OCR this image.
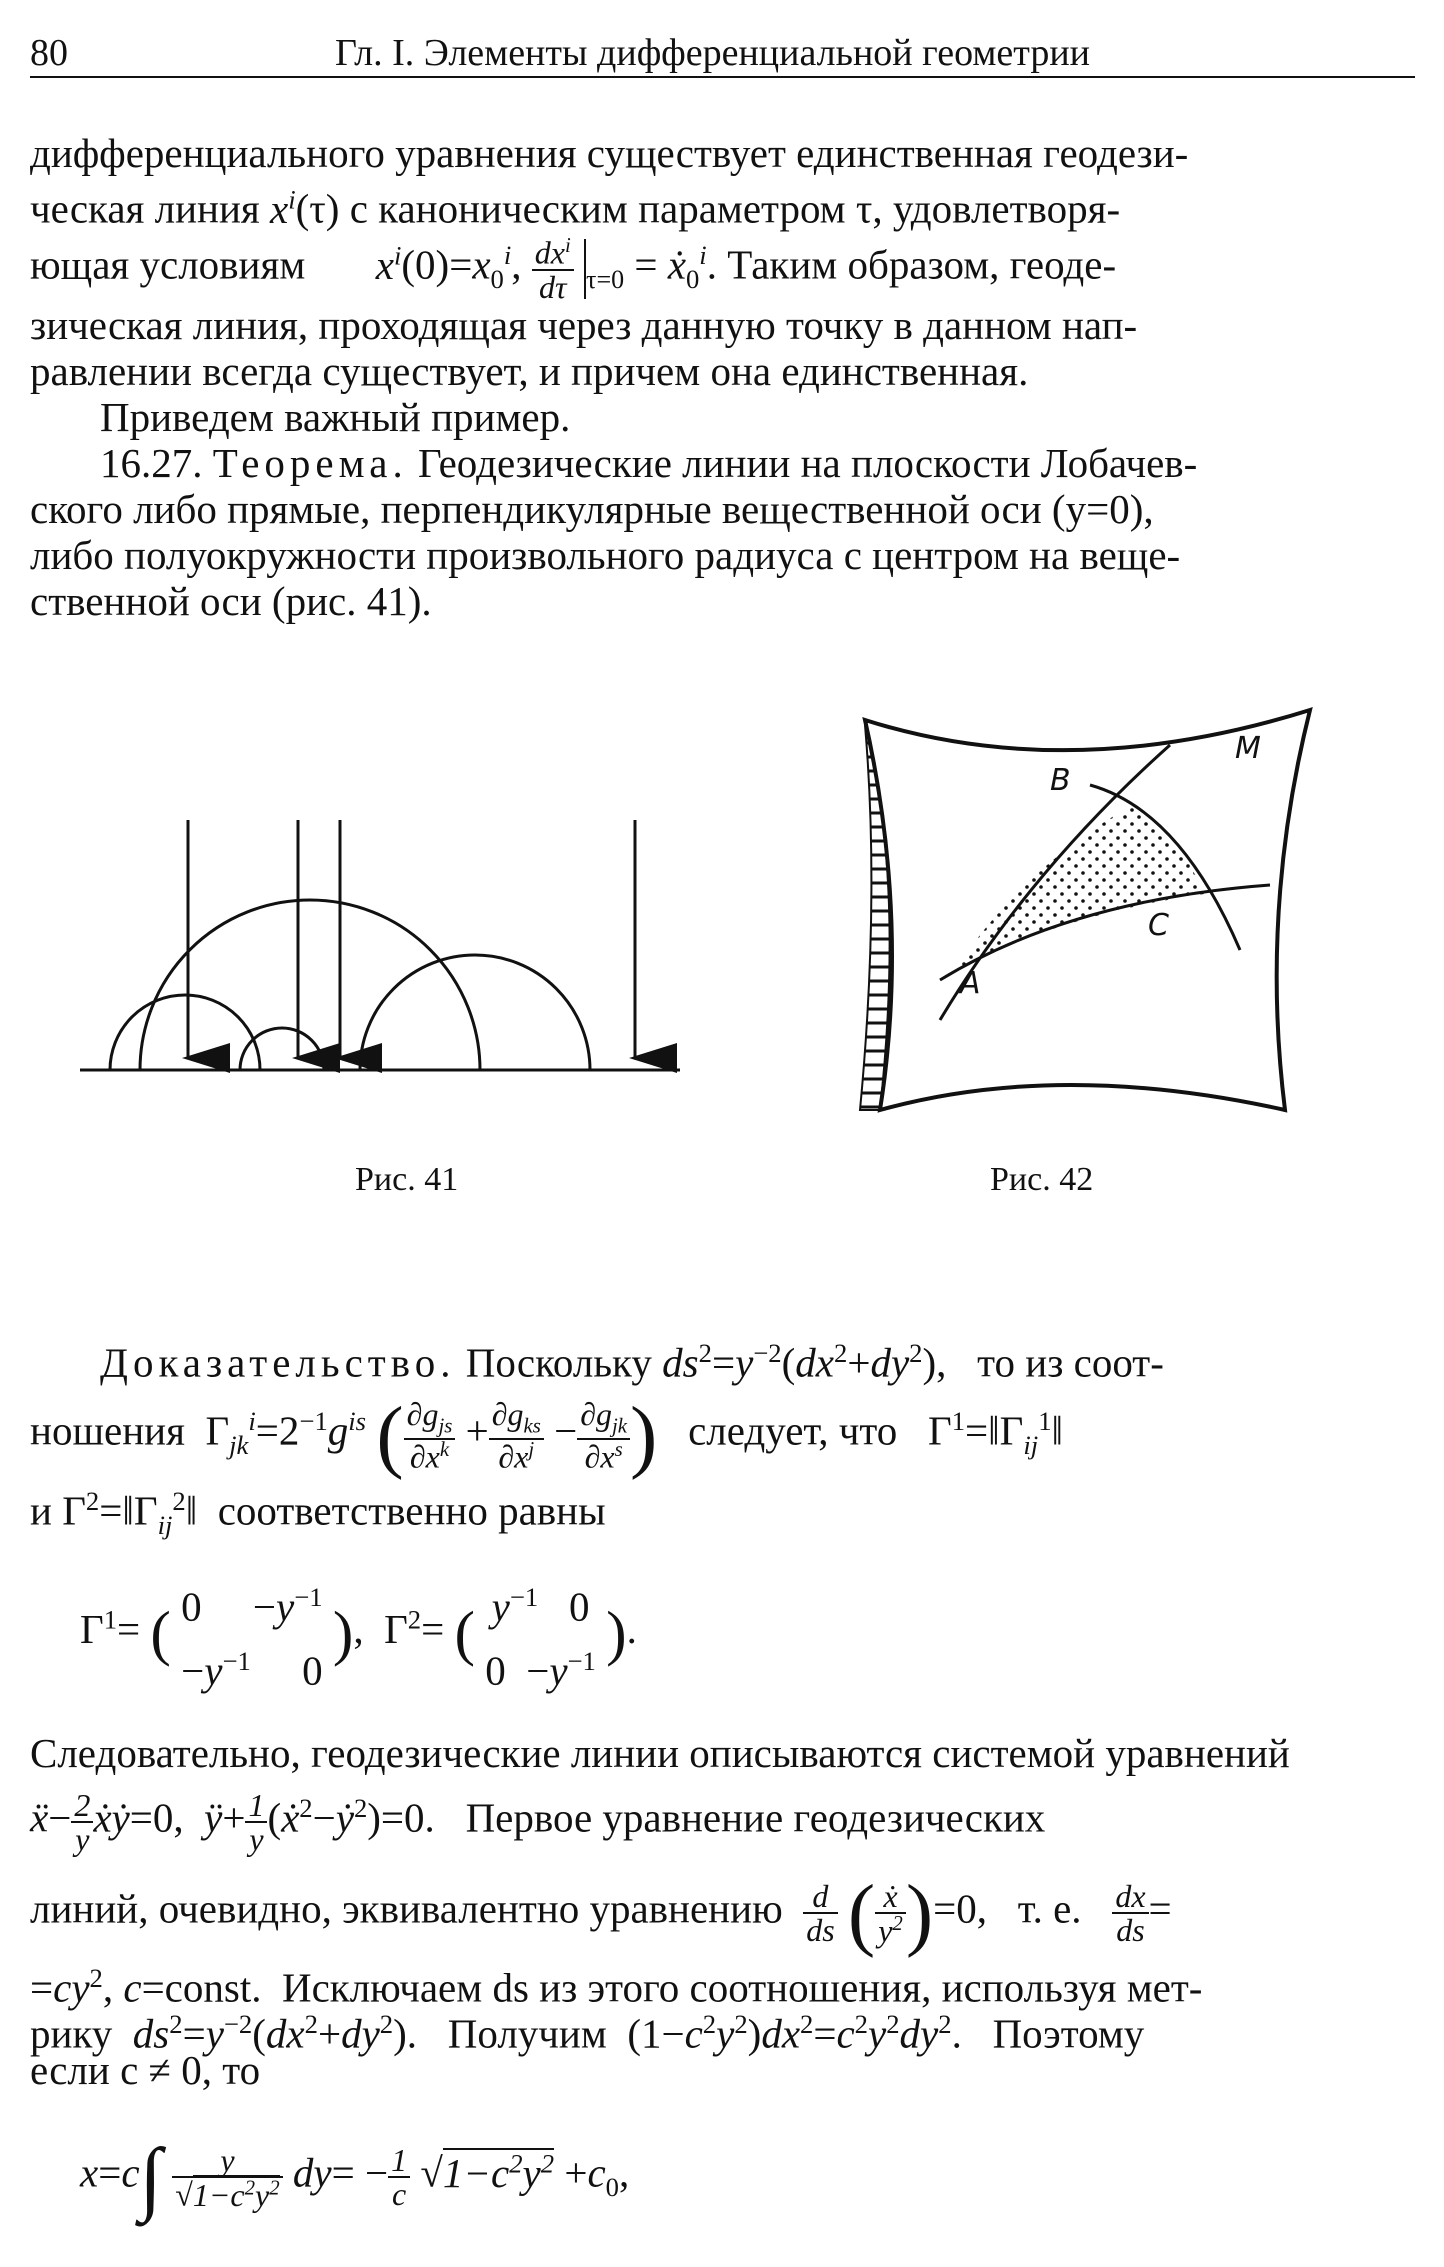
80	Гл. I. Элементы дифференциальной геометрии
дифференциального уравнения существует единственная геодези-
ческая линия $x^i(\tau)$ с каноническим параметром τ, удовлетворя-
ющая условиям $x^i(0)=x_0^i$, $\frac{dx^i}{d\tau} _{\tau=0}$ = ẋ$_0^i$. Таким образом, геоде-
зическая линия, проходящая через данную точку в данном нап-
равлении всегда существует, и причем она единственная.
Приведем важный пример.
16.27. Теорема. Геодезические линии на плоскости Лобачев-
ского либо прямые, перпендикулярные вещественной оси (y=0),
либо полуокружности произвольного радиуса с центром на веще-
ственной оси (рис. 41).
B
M
C
A
Рис. 41	Рис. 42
Доказательство. Поскольку $ds^2=y^{-2}(dx^2+dy^2)$,   то из соот-
ношения  $\Gamma_{jk}^i=2^{-1}g^{is}$ ( $\frac{\partial g_{js}}{\partial x^k} + \frac{\partial g_{ks}}{\partial x^j} - \frac{\partial g_{jk}}{\partial x^s}$ ) следует, что   $\Gamma^1=‖\Gamma_{ij}^1‖$
и $\Gamma^2=‖\Gamma_{ij}^2‖$  соответственно равны
$\Gamma^1=$ ( 0     $-y^{-1}$
$-y^{-1}$     0
),  $\Gamma^2=$ ( $y^{-1}$   0
$0 -y^{-1}$ ).
Следовательно, геодезические линии описываются системой уравнений
ẍ− $\frac{2}{y}$ ẋẏ=0,  ÿ+ $\frac{1}{y}$ (ẋ$^2$−ẏ$^2$)=0.   Первое уравнение геодезических
линий, очевидно, эквивалентно уравнению $\frac{d}{ds}$ ( $\frac{\text{ẋ}}{y^2} )=0$,   т. е. $\frac{dx}{ds}$ =
$=cy^2$, c=const.  Исключаем ds из этого соотношения, используя мет-
рику $ds^2=y^{-2}(dx^2+dy^2)$.   Получим  $(1-c^2y^2)dx^2=c^2y^2dy^2$.   Поэтому
если c ≠ 0, то
$x=c\int \frac{y}{√1-c^2y^2} dy= - \frac{1}{c} √1-c^2y^2 +c_0$,
